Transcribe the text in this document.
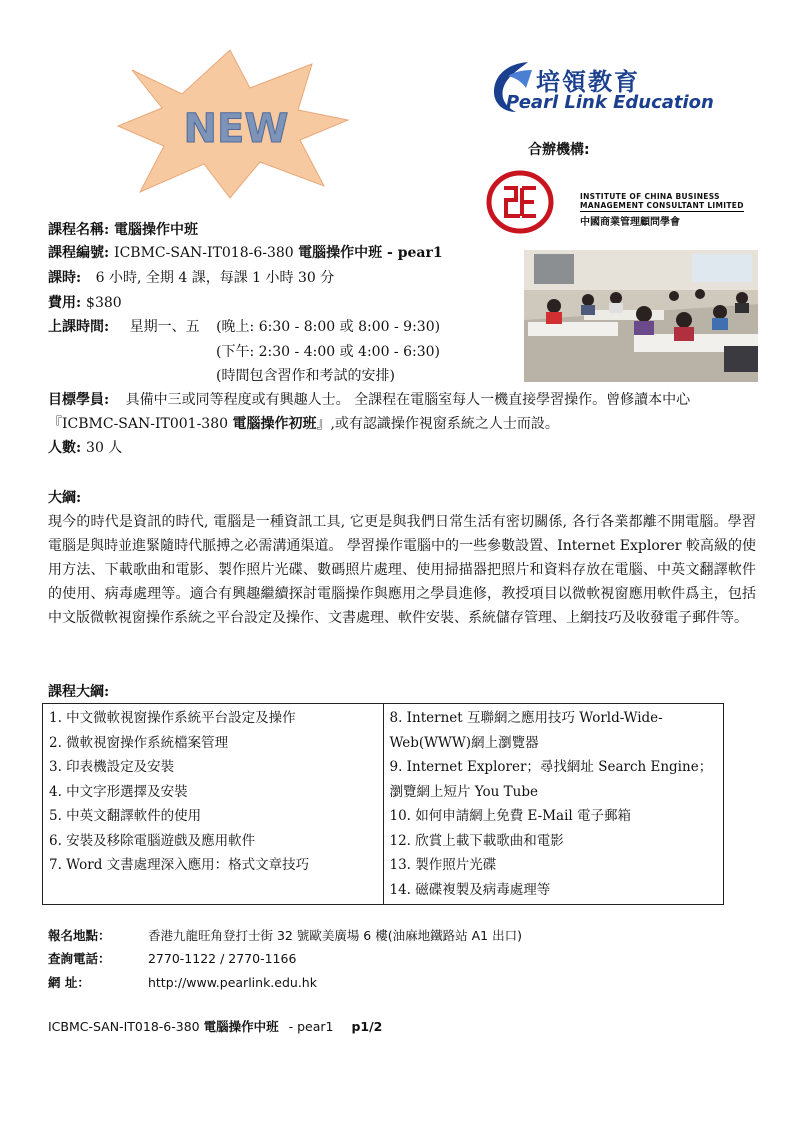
NEW
培領教育
Pearl Link Education
合辦機構:
INSTITUTE OF CHINA BUSINESS
MANAGEMENT CONSULTANT LIMITED
中國商業管理顧問學會
課程名稱: 電腦操作中班
課程編號: ICBMC-SAN-IT018-6-380 電腦操作中班 - pear1
課時: 6 小時, 全期 4 課，每課 1 小時 30 分
費用: $380
上課時間: 星期一、五 (晚上: 6:30 - 8:00 或 8:00 - 9:30)
(下午: 2:30 - 4:00 或 4:00 - 6:30)
(時間包含習作和考試的安排)
目標學員: 具備中三或同等程度或有興趣人士。 全課程在電腦室每人一機直接學習操作。曾修讀本中心
『ICBMC-SAN-IT001-380 電腦操作初班』,或有認識操作視窗系統之人士而設。
人數: 30 人
大綱:
現今的時代是資訊的時代, 電腦是一種資訊工具, 它更是與我們日常生活有密切關係, 各行各業都離不開電腦。學習電腦是與時並進緊隨時代脈搏之必需溝通渠道。 學習操作電腦中的一些參數設置、Internet Explorer 較高級的使用方法、下載歌曲和電影、製作照片光碟、數碼照片處理、使用掃描器把照片和資料存放在電腦、中英文翻譯軟件的使用、病毒處理等。適合有興趣繼續探討電腦操作與應用之學員進修，教授項目以微軟視窗應用軟件爲主，包括中文版微軟視窗操作系統之平台設定及操作、文書處理、軟件安裝、系統儲存管理、上網技巧及收發電子郵件等。
課程大綱:
1. 中文微軟視窗操作系統平台設定及操作
2. 微軟視窗操作系統檔案管理
3. 印表機設定及安裝
4. 中文字形選擇及安裝
5. 中英文翻譯軟件的使用
6. 安裝及移除電腦遊戲及應用軟件
7. Word 文書處理深入應用：格式文章技巧

8. Internet 互聯網之應用技巧 World-Wide-Web(WWW)網上瀏覽器
9. Internet Explorer；尋找網址 Search Engine；瀏覽網上短片 You Tube
10. 如何申請網上免費 E-Mail 電子郵箱
12. 欣賞上載下載歌曲和電影
13. 製作照片光碟
14. 磁碟複製及病毒處理等
報名地點：	香港九龍旺角登打士街 32 號歐美廣場 6 樓(油麻地鐵路站 A1 出口)
查詢電話：	2770-1122 / 2770-1166
網 址：	http://www.pearlink.edu.hk
ICBMC-SAN-IT018-6-380 電腦操作中班 - pear1 p1/2
